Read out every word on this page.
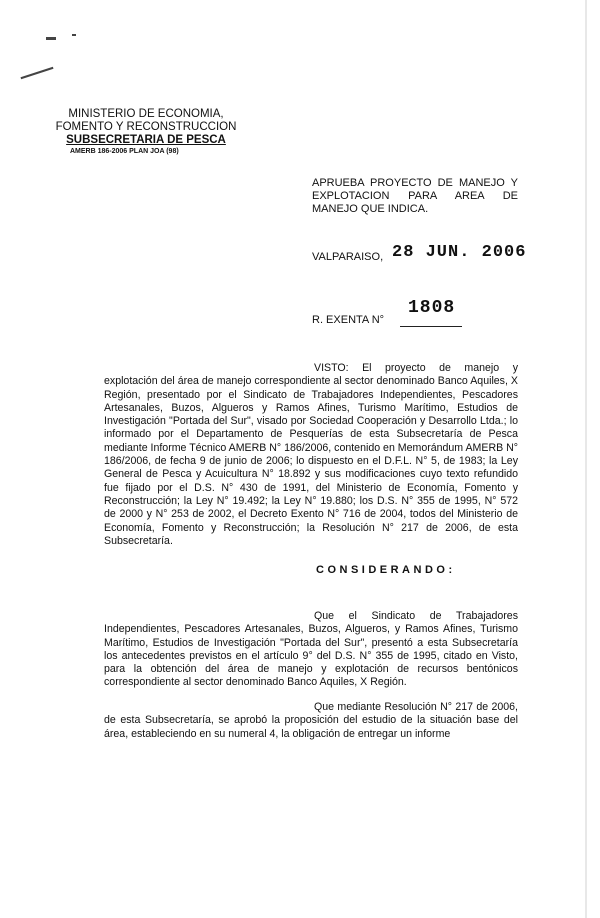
MINISTERIO DE ECONOMIA,
FOMENTO Y RECONSTRUCCION
SUBSECRETARIA DE PESCA
AMERB 186-2006 PLAN JOA (98)
APRUEBA PROYECTO DE MANEJO Y
EXPLOTACION PARA AREA DE
MANEJO QUE INDICA.
VALPARAISO, 28 JUN. 2006
R. EXENTA N°
1808

VISTO: El proyecto de manejo y explotación del área de manejo correspondiente al sector denominado Banco Aquiles, X Región, presentado por el Sindicato de Trabajadores Independientes, Pescadores Artesanales, Buzos, Algueros y Ramos Afines, Turismo Marítimo, Estudios de Investigación "Portada del Sur", visado por Sociedad Cooperación y Desarrollo Ltda.; lo informado por el Departamento de Pesquerías de esta Subsecretaría de Pesca mediante Informe Técnico AMERB N° 186/2006, contenido en Memorándum AMERB N° 186/2006, de fecha 9 de junio de 2006; lo dispuesto en el D.F.L. N° 5, de 1983; la Ley General de Pesca y Acuicultura N° 18.892 y sus modificaciones cuyo texto refundido fue fijado por el D.S. N° 430 de 1991, del Ministerio de Economía, Fomento y Reconstrucción; la Ley N° 19.492; la Ley N° 19.880; los D.S. N° 355 de 1995, N° 572 de 2000 y N° 253 de 2002, el Decreto Exento N° 716 de 2004, todos del Ministerio de Economía, Fomento y Reconstrucción; la Resolución N° 217 de 2006, de esta Subsecretaría.

CONSIDERANDO:

Que el Sindicato de Trabajadores Independientes, Pescadores Artesanales, Buzos, Algueros, y Ramos Afines, Turismo Marítimo, Estudios de Investigación "Portada del Sur", presentó a esta Subsecretaría los antecedentes previstos en el artículo 9° del D.S. N° 355 de 1995, citado en Visto, para la obtención del área de manejo y explotación de recursos bentónicos correspondiente al sector denominado Banco Aquiles, X Región.

Que mediante Resolución N° 217 de 2006, de esta Subsecretaría, se aprobó la proposición del estudio de la situación base del área, estableciendo en su numeral 4, la obligación de entregar un informe
